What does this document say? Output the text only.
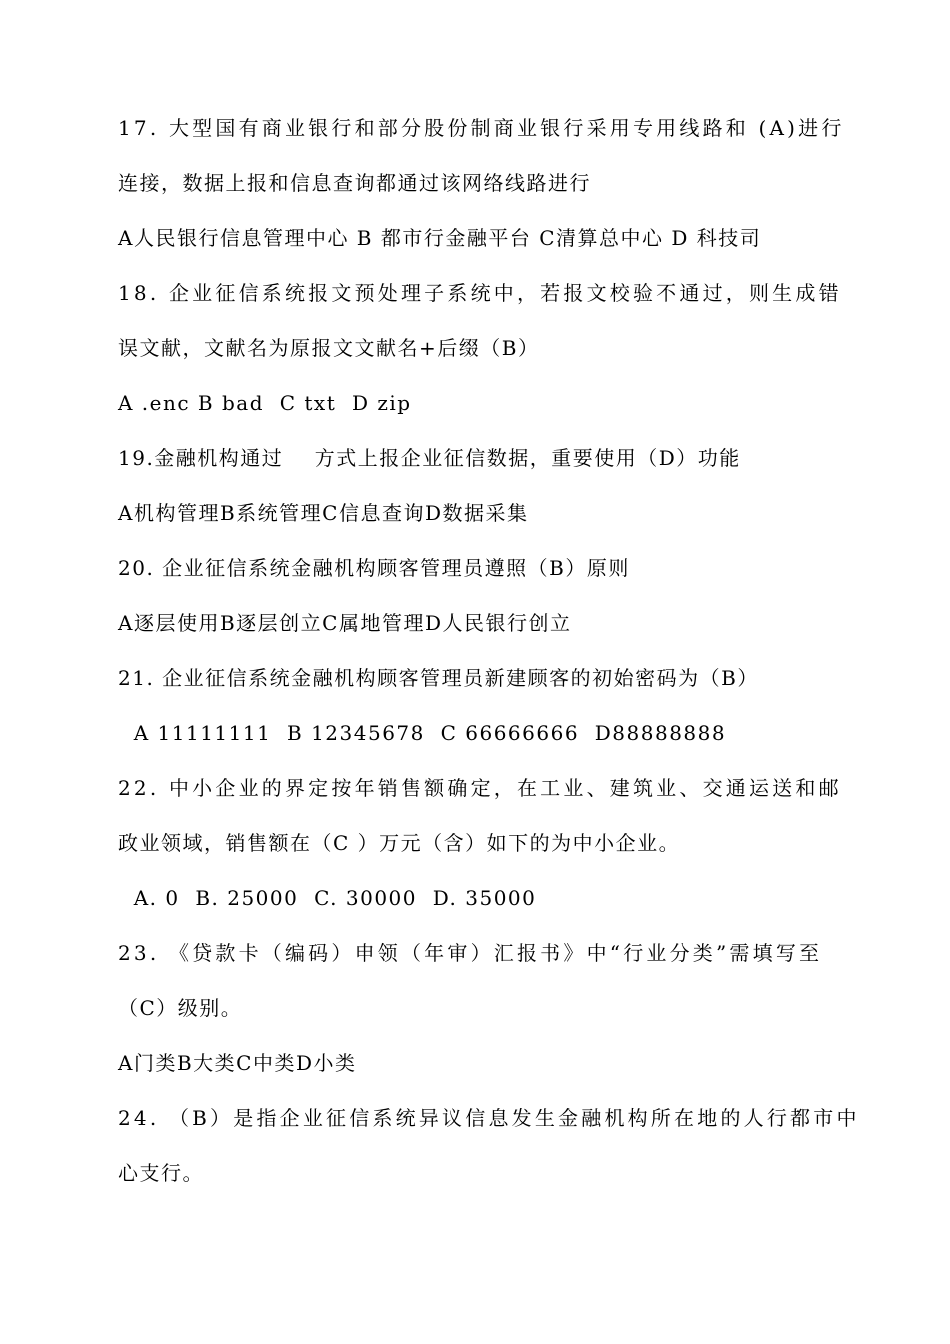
17. 大型国有商业银行和部分股份制商业银行采用专用线路和 (A)进行
连接，数据上报和信息查询都通过该网络线路进行
A人民银行信息管理中心 B 都市行金融平台 C清算总中心 D 科技司
18. 企业征信系统报文预处理子系统中，若报文校验不通过，则生成错
误文献，文献名为原报文文献名+后缀（B）
A .enc B bad  C txt  D zip
19.金融机构通过    方式上报企业征信数据，重要使用（D）功能
A机构管理B系统管理C信息查询D数据采集
20. 企业征信系统金融机构顾客管理员遵照（B）原则
A逐层使用B逐层创立C属地管理D人民银行创立
21. 企业征信系统金融机构顾客管理员新建顾客的初始密码为（B）
A 11111111  B 12345678  C 66666666  D88888888
22. 中小企业的界定按年销售额确定，在工业、建筑业、交通运送和邮
政业领域，销售额在（C ）万元（含）如下的为中小企业。
A. 0  B. 25000  C. 30000  D. 35000
23. 《贷款卡（编码）申领（年审）汇报书》中“行业分类”需填写至
（C）级别。
A门类B大类C中类D小类
24. （B）是指企业征信系统异议信息发生金融机构所在地的人行都市中
心支行。
